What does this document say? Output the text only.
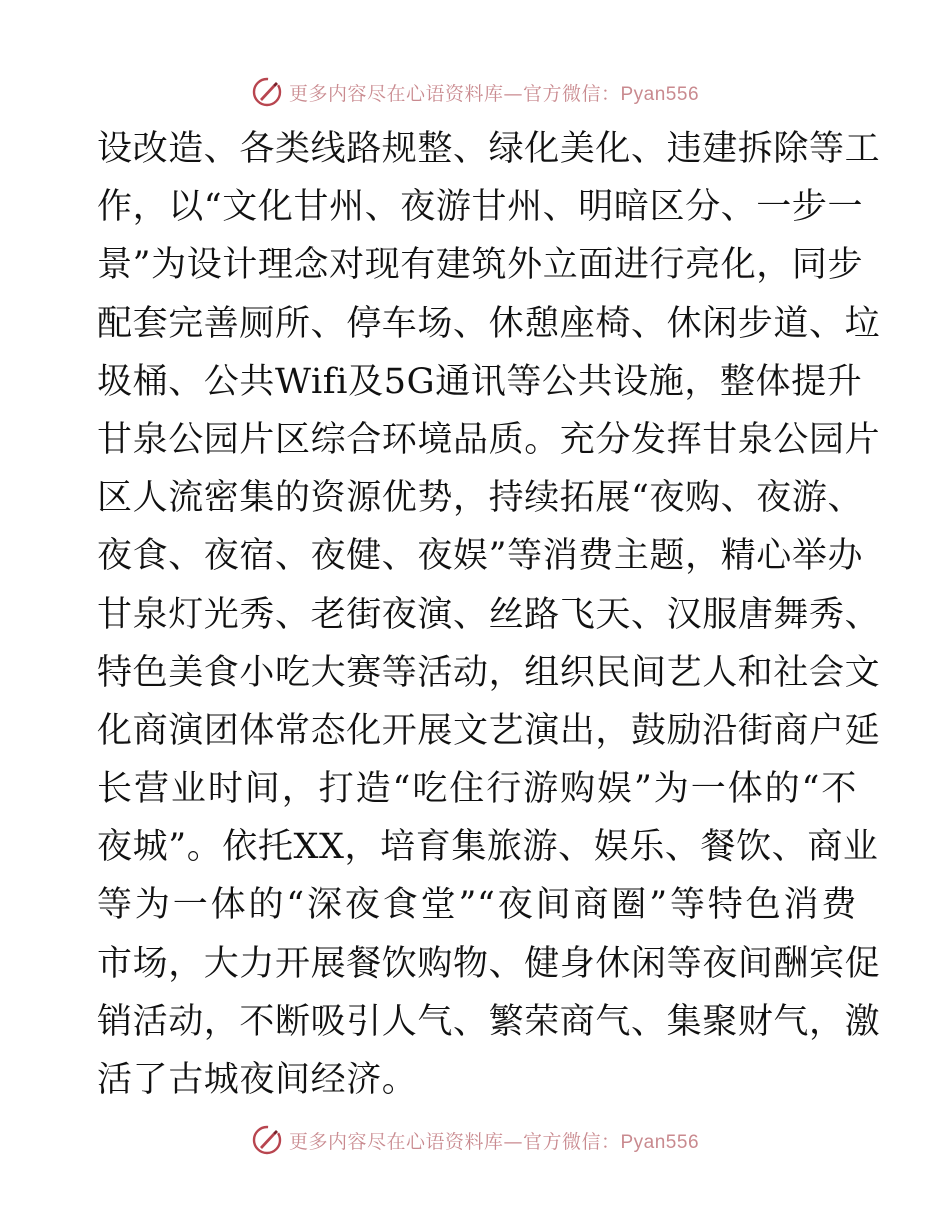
更多内容尽在心语资料库—官方微信：Pyan556
设改造、各类线路规整、绿化美化、违建拆除等工
作，以“文化甘州、夜游甘州、明暗区分、一步一
景”为设计理念对现有建筑外立面进行亮化，同步
配套完善厕所、停车场、休憩座椅、休闲步道、垃
圾桶、公共Wifi及5G通讯等公共设施，整体提升
甘泉公园片区综合环境品质。充分发挥甘泉公园片
区人流密集的资源优势，持续拓展“夜购、夜游、
夜食、夜宿、夜健、夜娱”等消费主题，精心举办
甘泉灯光秀、老街夜演、丝路飞天、汉服唐舞秀、
特色美食小吃大赛等活动，组织民间艺人和社会文
化商演团体常态化开展文艺演出，鼓励沿街商户延
长营业时间，打造“吃住行游购娱”为一体的“不
夜城”。依托XX，培育集旅游、娱乐、餐饮、商业
等为一体的“深夜食堂”“夜间商圈”等特色消费
市场，大力开展餐饮购物、健身休闲等夜间酬宾促
销活动，不断吸引人气、繁荣商气、集聚财气，激
活了古城夜间经济。
更多内容尽在心语资料库—官方微信：Pyan556
